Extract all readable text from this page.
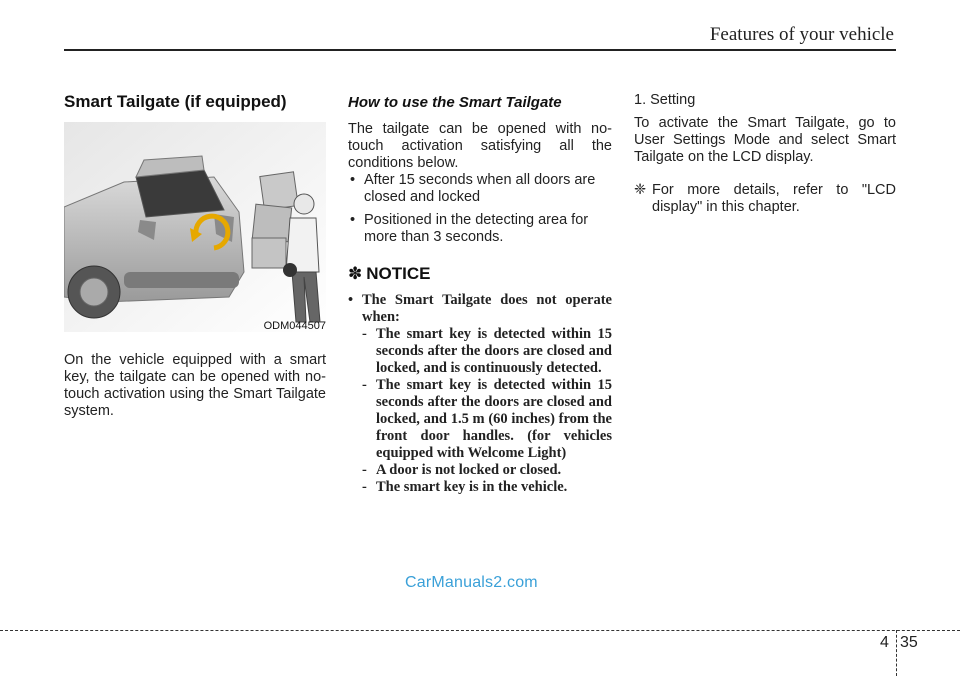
Features of your vehicle
Smart Tailgate (if equipped)
ODM044507

On the vehicle equipped with a smart key, the tailgate can be opened with no-touch activation using the Smart Tailgate system.

How to use the Smart Tailgate

The tailgate can be opened with no-touch activation satisfying all the conditions below.

• After 15 seconds when all doors are closed and locked
• Positioned in the detecting area for more than 3 seconds.
✽ NOTICE
• The Smart Tailgate does not operate when:
- The smart key is detected within 15 seconds after the doors are closed and locked, and is continuously detected.
- The smart key is detected within 15 seconds after the doors are closed and locked, and 1.5 m (60 inches) from the front door handles. (for vehicles equipped with Welcome Light)
- A door is not locked or closed.
- The smart key is in the vehicle.

1. Setting

To activate the Smart Tailgate, go to User Settings Mode and select Smart Tailgate on the LCD display.

❈ For more details, refer to "LCD display" in this chapter.
CarManuals2.com
4 35
